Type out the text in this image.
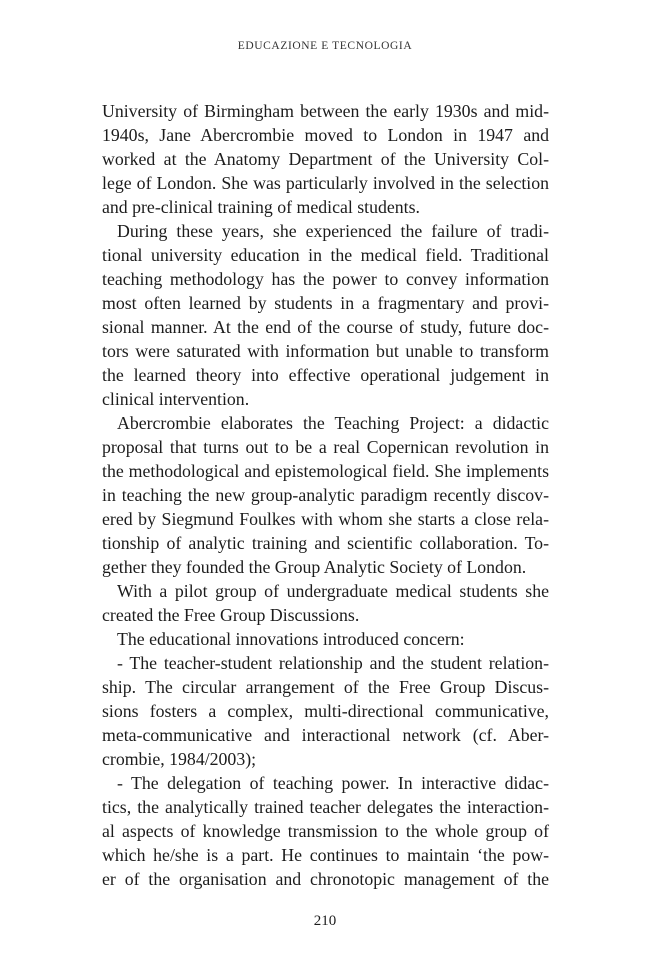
EDUCAZIONE E TECNOLOGIA
University of Birmingham between the early 1930s and mid-
1940s, Jane Abercrombie moved to London in 1947 and
worked at the Anatomy Department of the University Col-
lege of London. She was particularly involved in the selection
and pre-clinical training of medical students.
During these years, she experienced the failure of tradi-
tional university education in the medical field. Traditional
teaching methodology has the power to convey information
most often learned by students in a fragmentary and provi-
sional manner. At the end of the course of study, future doc-
tors were saturated with information but unable to transform
the learned theory into effective operational judgement in
clinical intervention.
Abercrombie elaborates the Teaching Project: a didactic
proposal that turns out to be a real Copernican revolution in
the methodological and epistemological field. She implements
in teaching the new group-analytic paradigm recently discov-
ered by Siegmund Foulkes with whom she starts a close rela-
tionship of analytic training and scientific collaboration. To-
gether they founded the Group Analytic Society of London.
With a pilot group of undergraduate medical students she
created the Free Group Discussions.
The educational innovations introduced concern:
- The teacher-student relationship and the student relation-
ship. The circular arrangement of the Free Group Discus-
sions fosters a complex, multi-directional communicative,
meta-communicative and interactional network (cf. Aber-
crombie, 1984/2003);
- The delegation of teaching power. In interactive didac-
tics, the analytically trained teacher delegates the interaction-
al aspects of knowledge transmission to the whole group of
which he/she is a part. He continues to maintain ‘the pow-
er of the organisation and chronotopic management of the
210
